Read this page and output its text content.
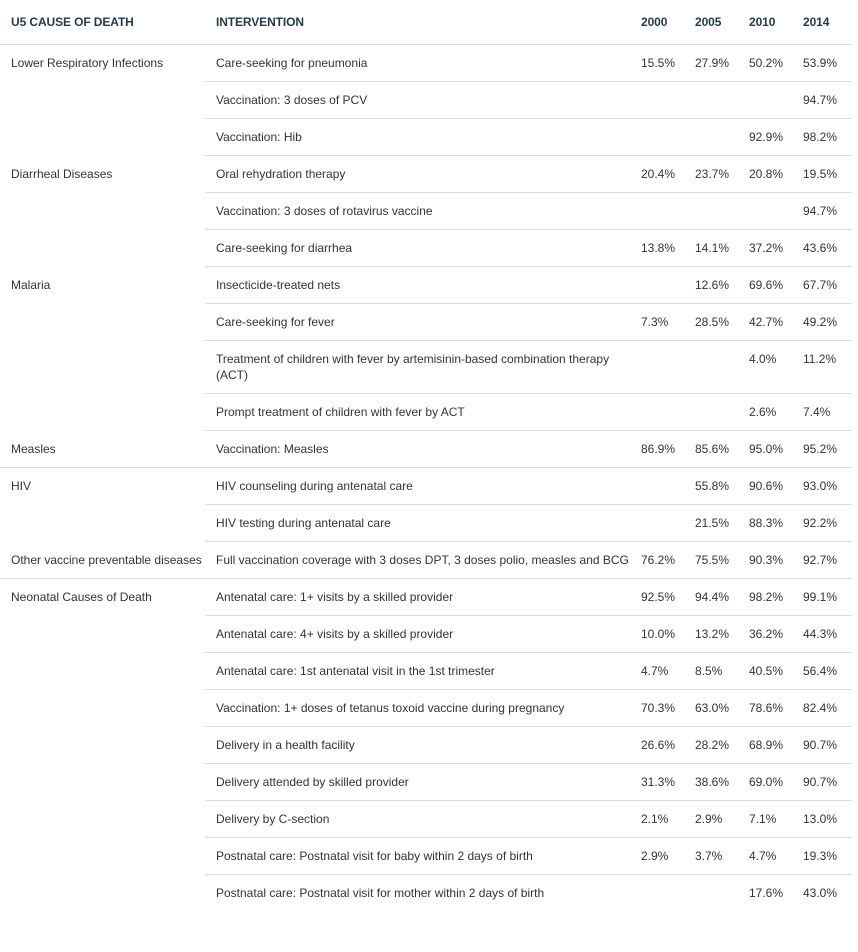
U5 CAUSE OF DEATH	INTERVENTION	2000	2005	2010	2014
Lower Respiratory Infections	Care-seeking for pneumonia	15.5%	27.9%	50.2%	53.9%
	Vaccination: 3 doses of PCV				94.7%
	Vaccination: Hib			92.9%	98.2%
Diarrheal Diseases	Oral rehydration therapy	20.4%	23.7%	20.8%	19.5%
	Vaccination: 3 doses of rotavirus vaccine				94.7%
	Care-seeking for diarrhea	13.8%	14.1%	37.2%	43.6%
Malaria	Insecticide-treated nets		12.6%	69.6%	67.7%
	Care-seeking for fever	7.3%	28.5%	42.7%	49.2%
	Treatment of children with fever by artemisinin-based combination therapy (ACT)			4.0%	11.2%
	Prompt treatment of children with fever by ACT			2.6%	7.4%
Measles	Vaccination: Measles	86.9%	85.6%	95.0%	95.2%
HIV	HIV counseling during antenatal care		55.8%	90.6%	93.0%
	HIV testing during antenatal care		21.5%	88.3%	92.2%
Other vaccine preventable diseases	Full vaccination coverage with 3 doses DPT, 3 doses polio, measles and BCG	76.2%	75.5%	90.3%	92.7%
Neonatal Causes of Death	Antenatal care: 1+ visits by a skilled provider	92.5%	94.4%	98.2%	99.1%
	Antenatal care: 4+ visits by a skilled provider	10.0%	13.2%	36.2%	44.3%
	Antenatal care: 1st antenatal visit in the 1st trimester	4.7%	8.5%	40.5%	56.4%
	Vaccination: 1+ doses of tetanus toxoid vaccine during pregnancy	70.3%	63.0%	78.6%	82.4%
	Delivery in a health facility	26.6%	28.2%	68.9%	90.7%
	Delivery attended by skilled provider	31.3%	38.6%	69.0%	90.7%
	Delivery by C-section	2.1%	2.9%	7.1%	13.0%
	Postnatal care: Postnatal visit for baby within 2 days of birth	2.9%	3.7%	4.7%	19.3%
	Postnatal care: Postnatal visit for mother within 2 days of birth			17.6%	43.0%
